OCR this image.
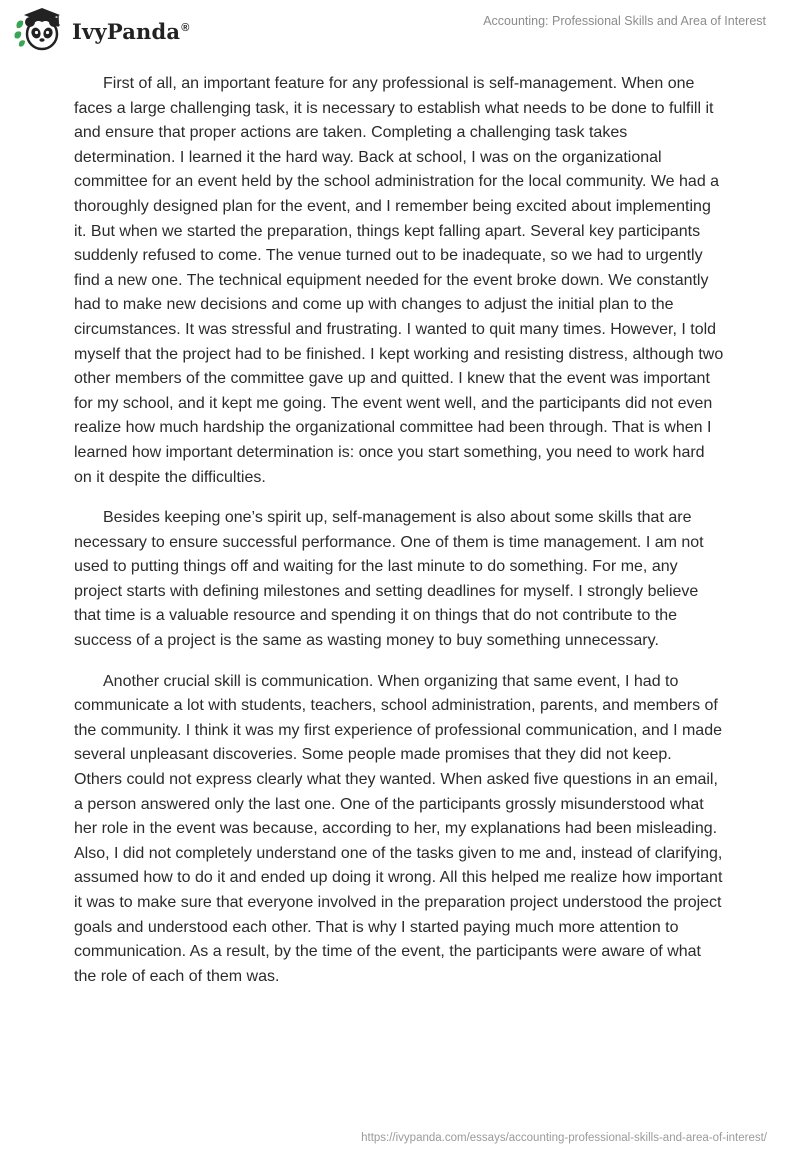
IvyPanda®	Accounting: Professional Skills and Area of Interest

First of all, an important feature for any professional is self-management. When one faces a large challenging task, it is necessary to establish what needs to be done to fulfill it and ensure that proper actions are taken. Completing a challenging task takes determination. I learned it the hard way. Back at school, I was on the organizational committee for an event held by the school administration for the local community. We had a thoroughly designed plan for the event, and I remember being excited about implementing it. But when we started the preparation, things kept falling apart. Several key participants suddenly refused to come. The venue turned out to be inadequate, so we had to urgently find a new one. The technical equipment needed for the event broke down. We constantly had to make new decisions and come up with changes to adjust the initial plan to the circumstances. It was stressful and frustrating. I wanted to quit many times. However, I told myself that the project had to be finished. I kept working and resisting distress, although two other members of the committee gave up and quitted. I knew that the event was important for my school, and it kept me going. The event went well, and the participants did not even realize how much hardship the organizational committee had been through. That is when I learned how important determination is: once you start something, you need to work hard on it despite the difficulties.

Besides keeping one’s spirit up, self-management is also about some skills that are necessary to ensure successful performance. One of them is time management. I am not used to putting things off and waiting for the last minute to do something. For me, any project starts with defining milestones and setting deadlines for myself. I strongly believe that time is a valuable resource and spending it on things that do not contribute to the success of a project is the same as wasting money to buy something unnecessary.

Another crucial skill is communication. When organizing that same event, I had to communicate a lot with students, teachers, school administration, parents, and members of the community. I think it was my first experience of professional communication, and I made several unpleasant discoveries. Some people made promises that they did not keep. Others could not express clearly what they wanted. When asked five questions in an email, a person answered only the last one. One of the participants grossly misunderstood what her role in the event was because, according to her, my explanations had been misleading. Also, I did not completely understand one of the tasks given to me and, instead of clarifying, assumed how to do it and ended up doing it wrong. All this helped me realize how important it was to make sure that everyone involved in the preparation project understood the project goals and understood each other. That is why I started paying much more attention to communication. As a result, by the time of the event, the participants were aware of what the role of each of them was.

https://ivypanda.com/essays/accounting-professional-skills-and-area-of-interest/
